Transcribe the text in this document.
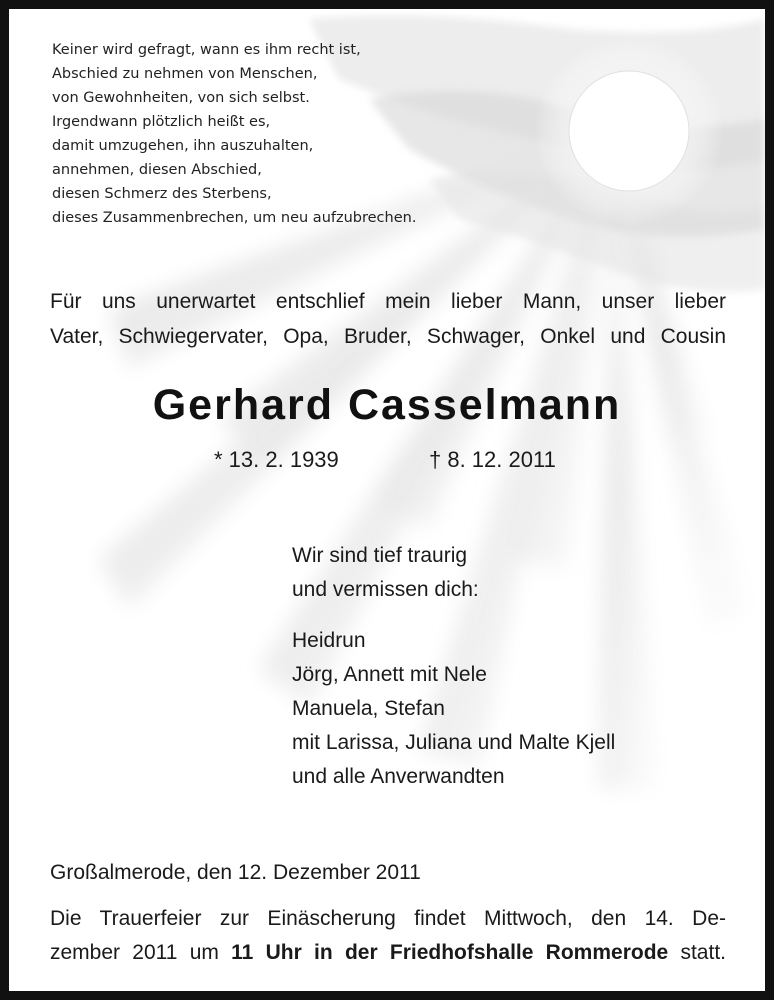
Keiner wird gefragt, wann es ihm recht ist,
Abschied zu nehmen von Menschen,
von Gewohnheiten, von sich selbst.
Irgendwann plötzlich heißt es,
damit umzugehen, ihn auszuhalten,
annehmen, diesen Abschied,
diesen Schmerz des Sterbens,
dieses Zusammenbrechen, um neu aufzubrechen.
Für uns unerwartet entschlief mein lieber Mann, unser lieber
Vater, Schwiegervater, Opa, Bruder, Schwager, Onkel und Cousin
Gerhard Casselmann
* 13. 2. 1939	† 8. 12. 2011
Wir sind tief traurig
und vermissen dich:
Heidrun
Jörg, Annett mit Nele
Manuela, Stefan
mit Larissa, Juliana und Malte Kjell
und alle Anverwandten
Großalmerode, den 12. Dezember 2011
Die Trauerfeier zur Einäscherung findet Mittwoch, den 14. De-
zember 2011 um 11 Uhr in der Friedhofshalle Rommerode statt.
